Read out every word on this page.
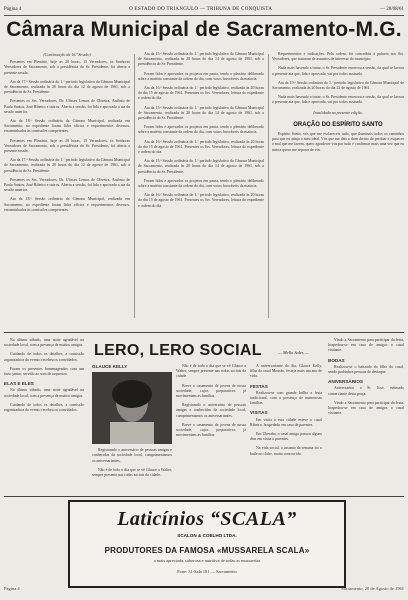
Página 4	O ESTADO DO TRIANGULO — TRIBUNA DE CONQUISTA	— 20/08/61
Câmara Municipal de Sacramento-M.G.

(Continuação da 16.ª Sessão)

Presentes em Plenário, hoje as 20 horas, 15 Vereadores, os Senhores Vereadores de Sacramento, sob a presidência do Sr. Presidente, foi aberta a presente sessão.

Ata da 17.ª Sessão ordinária do 1.º período legislativo da Câmara Municipal de Sacramento, realizada às 20 horas do dia 12 de agosto de 1961, sob a presidência do Sr. Presidente.

Presentes os Srs. Vereadores, Dr. Ulisses Lemos de Oliveira, Antônio de Paula Santos, José Ribeiro e outros. Aberta a sessão, foi lida e aprovada a ata da sessão anterior.

Ata da 18.ª Sessão ordinária da Câmara Municipal, realizada em Sacramento, no expediente foram lidos ofícios e requerimentos diversos, encaminhados às comissões competentes.

Presentes em Plenário, hoje as 20 horas, 15 Vereadores, os Senhores Vereadores de Sacramento, sob a presidência do Sr. Presidente, foi aberta a presente sessão.

Ata da 17.ª Sessão ordinária do 1.º período legislativo da Câmara Municipal de Sacramento, realizada às 20 horas do dia 12 de agosto de 1961, sob a presidência do Sr. Presidente.

Presentes os Srs. Vereadores, Dr. Ulisses Lemos de Oliveira, Antônio de Paula Santos, José Ribeiro e outros. Aberta a sessão, foi lida e aprovada a ata da sessão anterior.

Ata da 18.ª Sessão ordinária da Câmara Municipal, realizada em Sacramento, no expediente foram lidos ofícios e requerimentos diversos, encaminhados às comissões competentes.

Ata da 15.ª Sessão ordinária do 1.º período legislativo da Câmara Municipal de Sacramento, realizada às 20 horas do dia 14 de agosto de 1961, sob a presidência do Sr. Presidente.

Foram lidos e aprovados os projetos em pauta, tendo o plenário deliberado sobre a matéria constante da ordem do dia, com votos favoráveis da maioria.

Ata da 16.ª Sessão ordinária do 1.º período legislativo, realizada às 20 horas do dia 15 de agosto de 1961. Presentes os Srs. Vereadores, leitura do expediente e ordem do dia.

Ata da 15.ª Sessão ordinária do 1.º período legislativo da Câmara Municipal de Sacramento, realizada às 20 horas do dia 14 de agosto de 1961, sob a presidência do Sr. Presidente.

Foram lidos e aprovados os projetos em pauta, tendo o plenário deliberado sobre a matéria constante da ordem do dia, com votos favoráveis da maioria.

Ata da 16.ª Sessão ordinária do 1.º período legislativo, realizada às 20 horas do dia 15 de agosto de 1961. Presentes os Srs. Vereadores, leitura do expediente e ordem do dia.

Ata da 15.ª Sessão ordinária do 1.º período legislativo da Câmara Municipal de Sacramento, realizada às 20 horas do dia 14 de agosto de 1961, sob a presidência do Sr. Presidente.

Foram lidos e aprovados os projetos em pauta, tendo o plenário deliberado sobre a matéria constante da ordem do dia, com votos favoráveis da maioria.

Ata da 16.ª Sessão ordinária do 1.º período legislativo, realizada às 20 horas do dia 15 de agosto de 1961. Presentes os Srs. Vereadores, leitura do expediente e ordem do dia.

Requerimentos e indicações. Pela ordem, foi concedida a palavra aos Srs. Vereadores, que trataram de assuntos de interesse do município.

Nada mais havendo a tratar, o Sr. Presidente encerrou a sessão, da qual se lavrou a presente ata que, lida e aprovada, vai por todos assinada.

Ata da 19.ª Sessão ordinária do 1.º período legislativo da Câmara Municipal de Sacramento, realizada às 20 horas do dia 22 de agosto de 1961.

Nada mais havendo a tratar, o Sr. Presidente encerrou a sessão, da qual se lavrou a presente ata que, lida e aprovada, vai por todos assinada.

Invalidada na presente edição.

ORAÇÃO DO ESPÍRITO SANTO

Espírito Santo, vós que me esclareceis tudo, que iluminais todos os caminhos para que eu atinja o meu ideal. Vós que me dais o dom divino de perdoar e esquecer o mal que me fazem, quero agradecer-vos por tudo e confirmar mais uma vez que eu nunca quero me separar de vós.

No último sábado, uma noite agradável na sociedade local, com a presença de muitos amigos.

Cuidando de todos os detalhes, a comissão organizadora do evento recebeu os convidados.

Foram os presentes homenageados com um farto jantar, servido ao som de orquestra.

ELAS E ELES

No último sábado, uma noite agradável na sociedade local, com a presença de muitos amigos.

Cuidando de todos os detalhes, a comissão organizadora do evento recebeu os convidados.

LERO, LERO SOCIAL	— Mello Sales —
GLAUCE KELLY

Registrando o aniversário de pessoas amigas e conhecidas da sociedade local, cumprimentamos os aniversariantes.

Não é de todo o dia que se vê Glauce a Walter, sempre presente nas rodas sociais da cidade.

Não é de todo o dia que se vê Glauce a Walter, sempre presente nas rodas sociais da cidade.

Breve o casamento de jovens de nossa sociedade, cujos preparativos já movimentam as famílias.

Registrando o aniversário de pessoas amigas e conhecidas da sociedade local, cumprimentamos os aniversariantes.

Breve o casamento de jovens de nossa sociedade, cujos preparativos já movimentam as famílias.

A aniversariante do dia, Glauce Kelly, filha do casal Mourão, festeja mais um ano de vida.

FESTAS

Realizou-se com grande brilho a festa tradicional, com a presença de numerosas famílias.

VISITAS

Em visita a esta cidade esteve o casal Ribeiro, hospedado em casa de parentes.

Em Uberaba, o casal amigo passou alguns dias em visita a parentes.

Na vida social, o assunto da semana foi o baile no clube, muito concorrido.

Vindo a Sacramento para participar da festa, hospedou-se em casa de amigos o casal visitante.

BODAS

Realizou-se o batizado do filho do casal, sendo padrinhos pessoas de destaque.

ANIVERSÁRIOS

Aniversariou o Sr. José, estimado comerciante desta praça.

Vindo a Sacramento para participar da festa, hospedou-se em casa de amigos o casal visitante.

Laticínios “SCALA”
SCALON & COELHO LTDA.
PRODUTORES DA FAMOSA «MUSSARELA SCALA»
a mais apreciada, saborosa e nutritiva de todas as mussarelas
Fone: 31-Sala 101 — Sacramento
Página 4	Sacramento, 20 de Agosto de 1961
